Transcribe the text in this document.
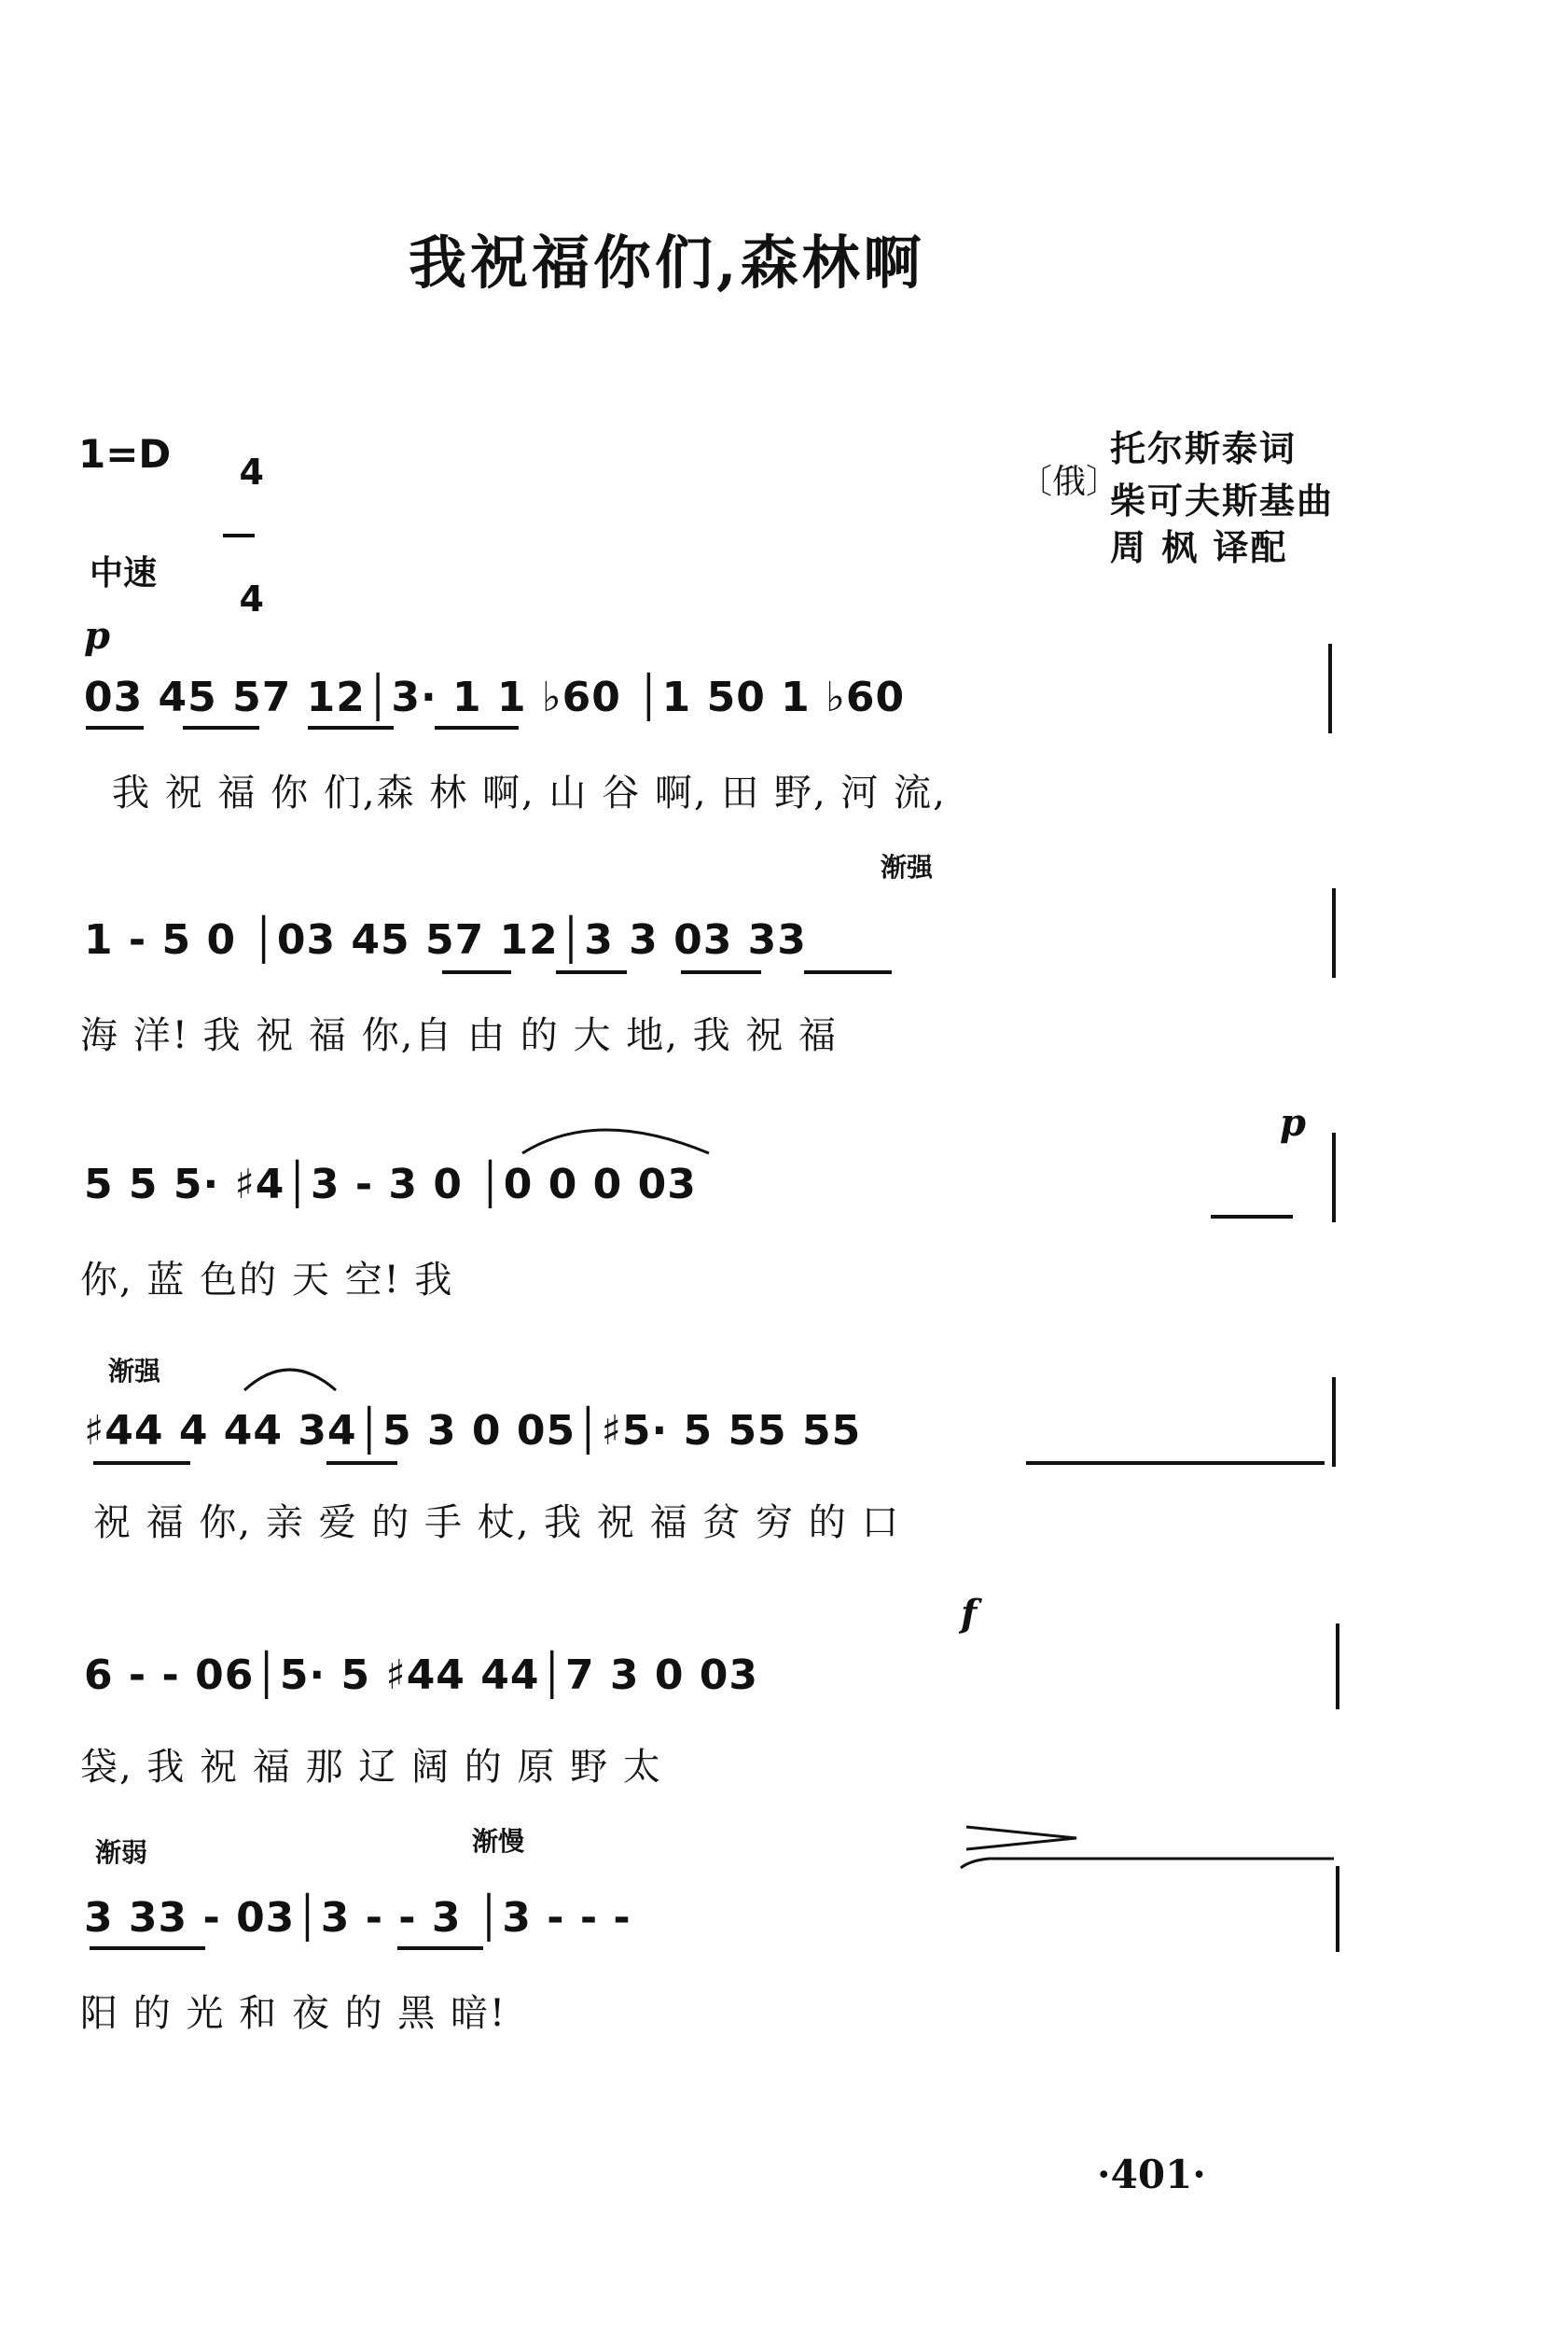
我祝福你们,森林啊
1=D	4

4

〔俄〕
托尔斯泰词
柴可夫斯基曲
周 枫 译配
中速
p
渐强
p
渐强
f
渐弱	渐慢
03 45 57 12│3· 1 1 ♭60 │1 50 1 ♭60
我 祝 福 你 们,森 林 啊, 山 谷 啊, 田 野, 河 流,
1 - 5 0 │03 45 57 12│3 3 03 33
海 洋! 我 祝 福 你,自 由 的 大 地, 我 祝 福
5 5 5· ♯4│3 - 3 0 │0 0 0 03
你, 蓝 色的 天 空! 我
♯44 4 44 34│5 3 0 05│♯5· 5 55 55
祝 福 你, 亲 爱 的 手 杖, 我 祝 福 贫 穷 的 口
6 - - 06│5· 5 ♯44 44│7 3 0 03
袋, 我 祝 福 那 辽 阔 的 原 野 太
3 33 - 03│3 - - 3 │3 - - -
阳 的 光 和 夜 的 黑 暗!
·401·
